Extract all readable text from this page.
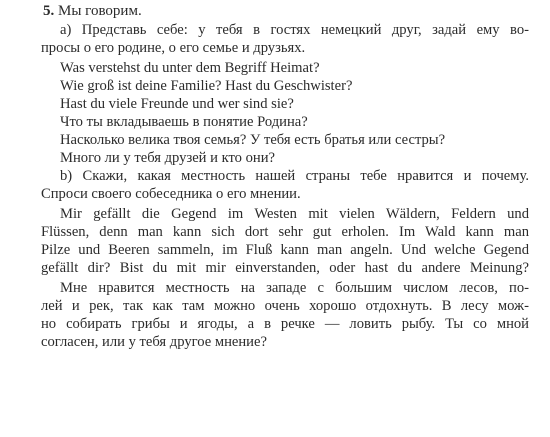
5. Мы говорим.
а) Представь себе: у тебя в гостях немецкий друг, задай ему во-
просы о его родине, о его семье и друзьях.
Was verstehst du unter dem Begriff Heimat?
Wie groß ist deine Familie? Hast du Geschwister?
Hast du viele Freunde und wer sind sie?
Что ты вкладываешь в понятие Родина?
Насколько велика твоя семья? У тебя есть братья или сестры?
Много ли у тебя друзей и кто они?
b) Скажи, какая местность нашей страны тебе нравится и почему.
Спроси своего собеседника о его мнении.
Mir gefällt die Gegend im Westen mit vielen Wäldern, Feldern und
Flüssen, denn man kann sich dort sehr gut erholen. Im Wald kann man
Pilze und Beeren sammeln, im Fluß kann man angeln. Und welche Gegend
gefällt dir? Bist du mit mir einverstanden, oder hast du andere Meinung?
Мне нравится местность на западе с большим числом лесов, по-
лей и рек, так как там можно очень хорошо отдохнуть. В лесу мож-
но собирать грибы и ягоды, а в речке — ловить рыбу. Ты со мной
согласен, или у тебя другое мнение?
